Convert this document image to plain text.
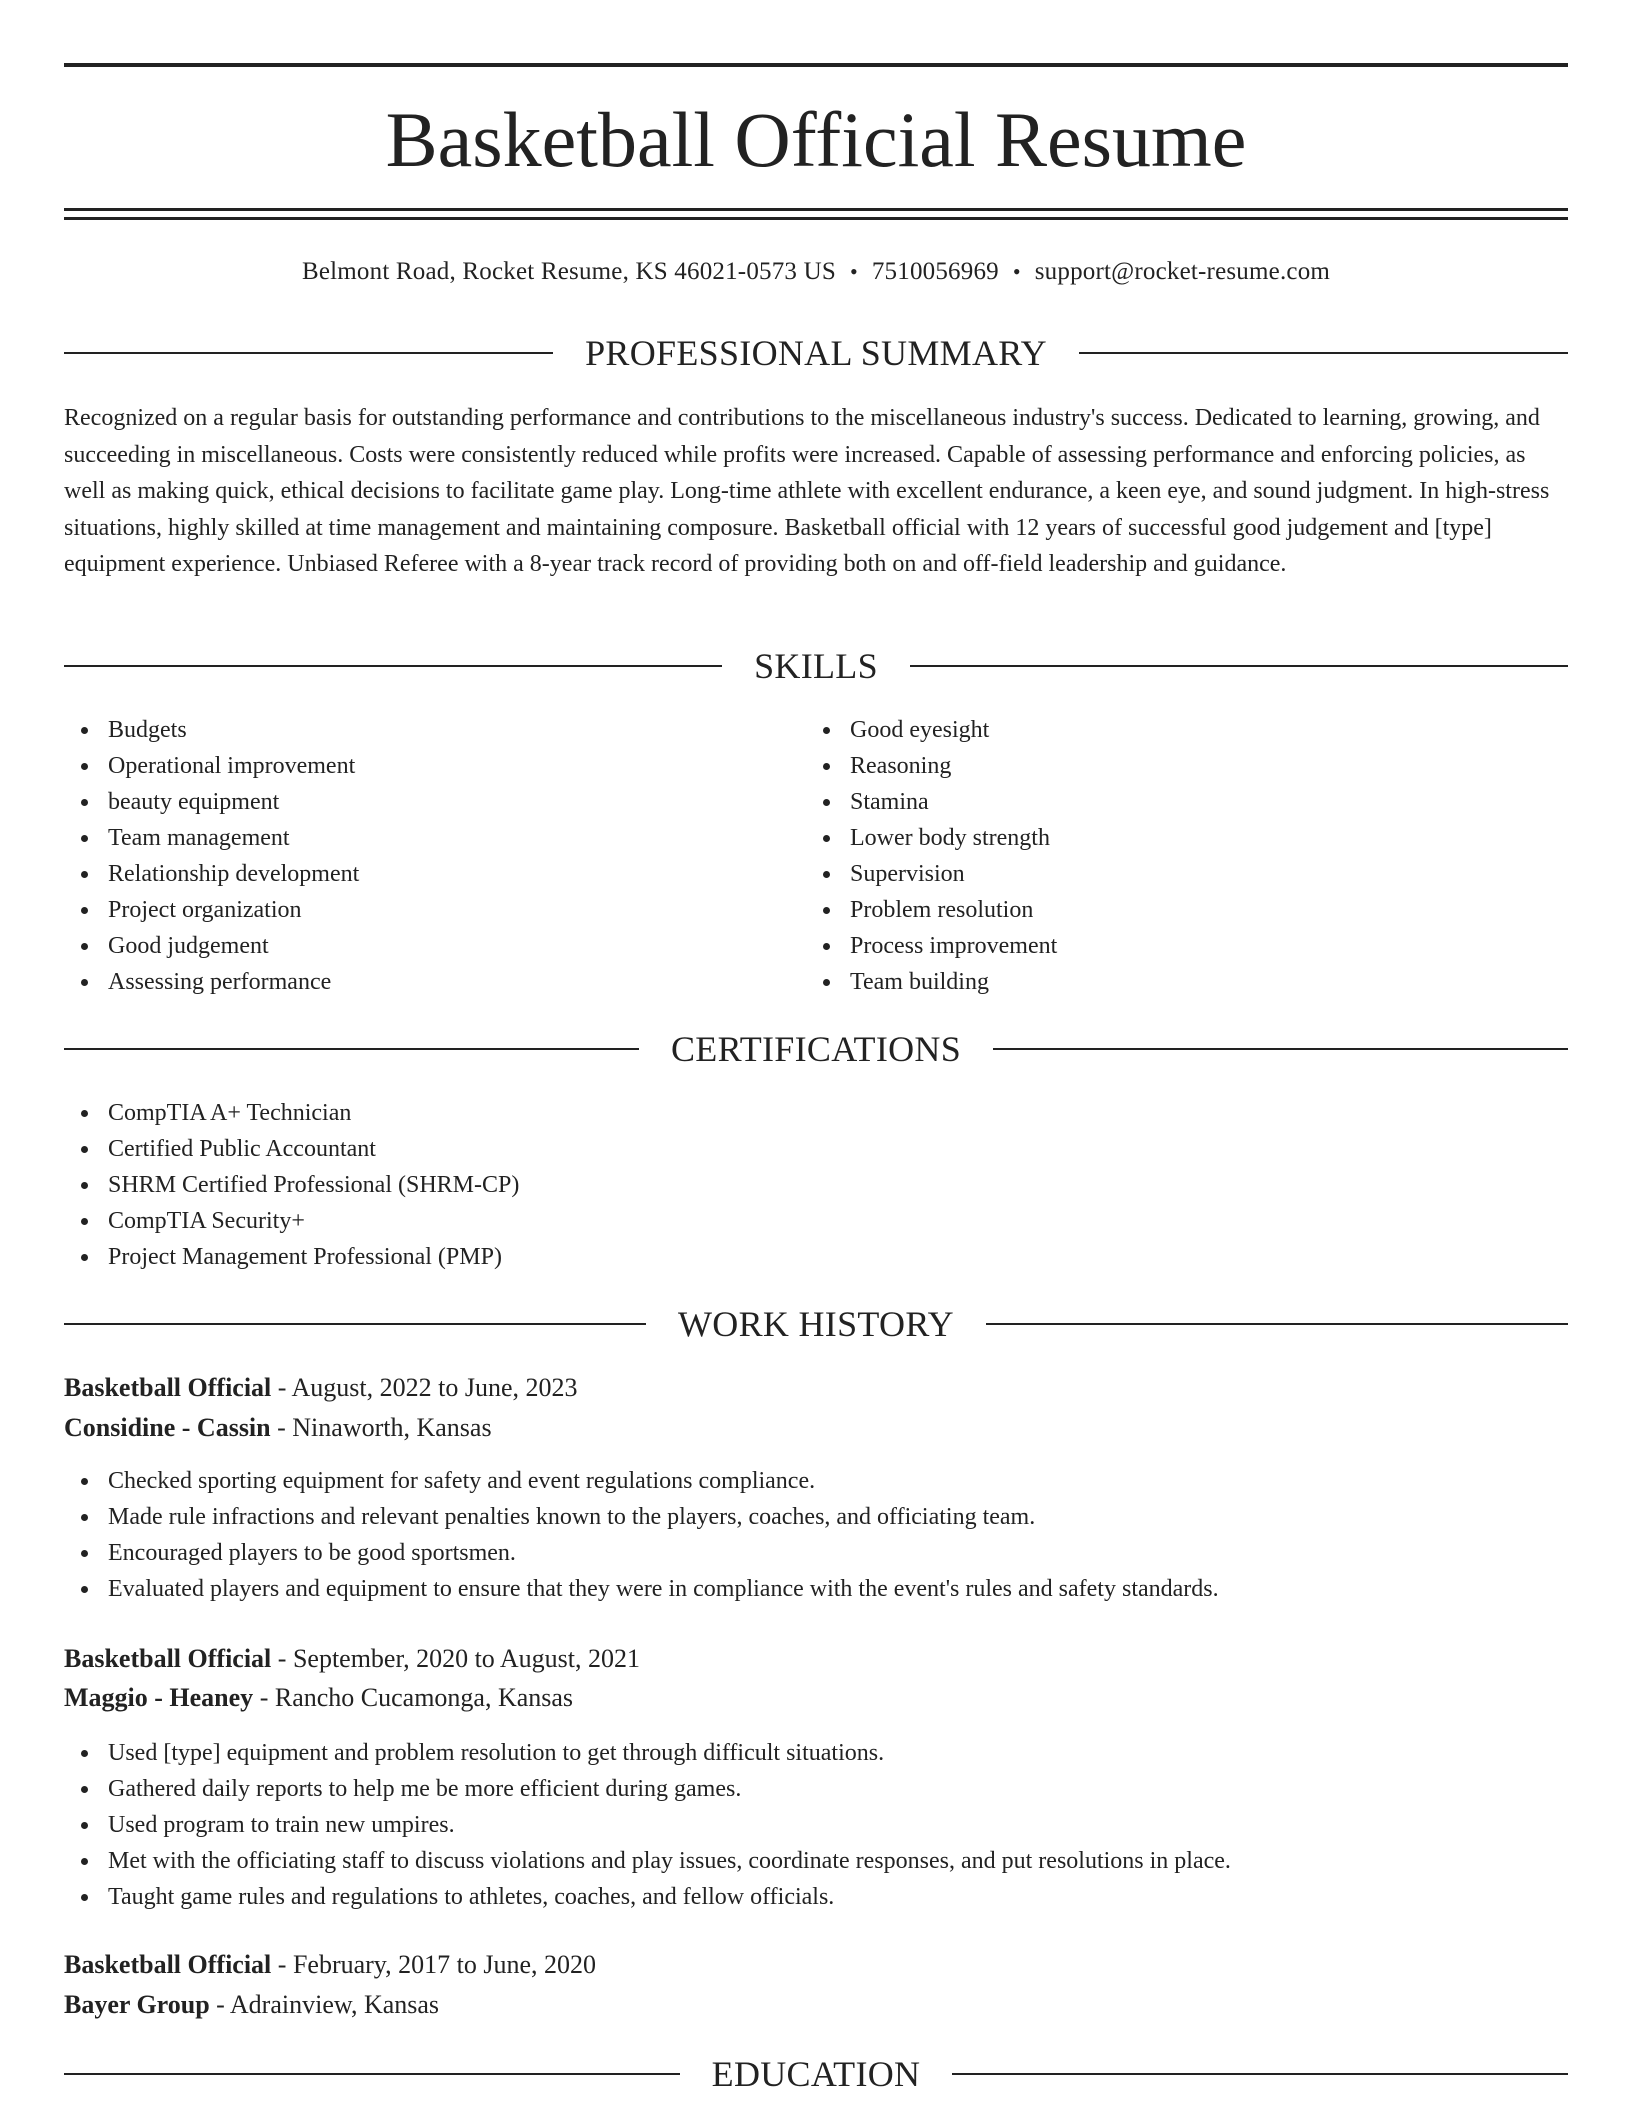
Basketball Official Resume
Belmont Road, Rocket Resume, KS 46021-0573 US • 7510056969 • support@rocket-resume.com
PROFESSIONAL SUMMARY

Recognized on a regular basis for outstanding performance and contributions to the miscellaneous industry's success. Dedicated to learning, growing, and succeeding in miscellaneous. Costs were consistently reduced while profits were increased. Capable of assessing performance and enforcing policies, as well as making quick, ethical decisions to facilitate game play. Long-time athlete with excellent endurance, a keen eye, and sound judgment. In high-stress situations, highly skilled at time management and maintaining composure. Basketball official with 12 years of successful good judgement and [type] equipment experience. Unbiased Referee with a 8-year track record of providing both on and off-field leadership and guidance.

SKILLS
Budgets
Operational improvement
beauty equipment
Team management
Relationship development
Project organization
Good judgement
Assessing performance
Good eyesight
Reasoning
Stamina
Lower body strength
Supervision
Problem resolution
Process improvement
Team building
CERTIFICATIONS
CompTIA A+ Technician
Certified Public Accountant
SHRM Certified Professional (SHRM-CP)
CompTIA Security+
Project Management Professional (PMP)
WORK HISTORY
Basketball Official - August, 2022 to June, 2023
Considine - Cassin - Ninaworth, Kansas
Checked sporting equipment for safety and event regulations compliance.
Made rule infractions and relevant penalties known to the players, coaches, and officiating team.
Encouraged players to be good sportsmen.
Evaluated players and equipment to ensure that they were in compliance with the event's rules and safety standards.
Basketball Official - September, 2020 to August, 2021
Maggio - Heaney - Rancho Cucamonga, Kansas
Used [type] equipment and problem resolution to get through difficult situations.
Gathered daily reports to help me be more efficient during games.
Used program to train new umpires.
Met with the officiating staff to discuss violations and play issues, coordinate responses, and put resolutions in place.
Taught game rules and regulations to athletes, coaches, and fellow officials.
Basketball Official - February, 2017 to June, 2020
Bayer Group - Adrainview, Kansas
EDUCATION
